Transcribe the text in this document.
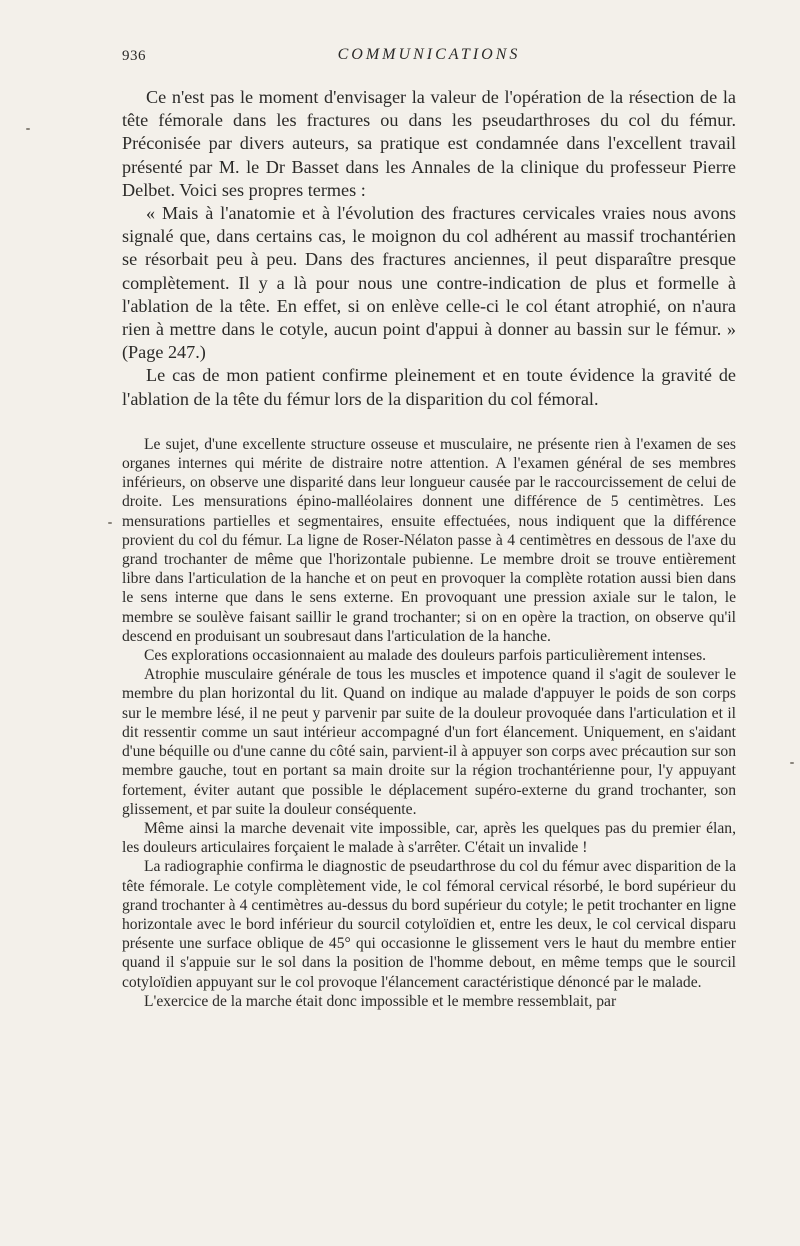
936	COMMUNICATIONS

Ce n'est pas le moment d'envisager la valeur de l'opération de la résection de la tête fémorale dans les fractures ou dans les pseudarthroses du col du fémur. Préconisée par divers auteurs, sa pratique est condamnée dans l'excellent travail présenté par M. le Dr Basset dans les Annales de la clinique du professeur Pierre Delbet. Voici ses propres termes :

« Mais à l'anatomie et à l'évolution des fractures cervicales vraies nous avons signalé que, dans certains cas, le moignon du col adhérent au massif trochantérien se résorbait peu à peu. Dans des fractures anciennes, il peut disparaître presque complètement. Il y a là pour nous une contre-indication de plus et formelle à l'ablation de la tête. En effet, si on enlève celle-ci le col étant atrophié, on n'aura rien à mettre dans le cotyle, aucun point d'appui à donner au bassin sur le fémur. » (Page 247.)

Le cas de mon patient confirme pleinement et en toute évidence la gravité de l'ablation de la tête du fémur lors de la disparition du col fémoral.

Le sujet, d'une excellente structure osseuse et musculaire, ne présente rien à l'examen de ses organes internes qui mérite de distraire notre attention. A l'examen général de ses membres inférieurs, on observe une disparité dans leur longueur causée par le raccourcissement de celui de droite. Les mensurations épino-malléolaires donnent une différence de 5 centimètres. Les mensurations partielles et segmentaires, ensuite effectuées, nous indiquent que la différence provient du col du fémur. La ligne de Roser-Nélaton passe à 4 centimètres en dessous de l'axe du grand trochanter de même que l'horizontale pubienne. Le membre droit se trouve entièrement libre dans l'articulation de la hanche et on peut en provoquer la complète rotation aussi bien dans le sens interne que dans le sens externe. En provoquant une pression axiale sur le talon, le membre se soulève faisant saillir le grand trochanter; si on en opère la traction, on observe qu'il descend en produisant un soubresaut dans l'articulation de la hanche.

Ces explorations occasionnaient au malade des douleurs parfois particulièrement intenses.

Atrophie musculaire générale de tous les muscles et impotence quand il s'agit de soulever le membre du plan horizontal du lit. Quand on indique au malade d'appuyer le poids de son corps sur le membre lésé, il ne peut y parvenir par suite de la douleur provoquée dans l'articulation et il dit ressentir comme un saut intérieur accompagné d'un fort élancement. Uniquement, en s'aidant d'une béquille ou d'une canne du côté sain, parvient-il à appuyer son corps avec précaution sur son membre gauche, tout en portant sa main droite sur la région trochantérienne pour, l'y appuyant fortement, éviter autant que possible le déplacement supéro-externe du grand trochanter, son glissement, et par suite la douleur conséquente.

Même ainsi la marche devenait vite impossible, car, après les quelques pas du premier élan, les douleurs articulaires forçaient le malade à s'arrêter. C'était un invalide !

La radiographie confirma le diagnostic de pseudarthrose du col du fémur avec disparition de la tête fémorale. Le cotyle complètement vide, le col fémoral cervical résorbé, le bord supérieur du grand trochanter à 4 centimètres au-dessus du bord supérieur du cotyle; le petit trochanter en ligne horizontale avec le bord inférieur du sourcil cotyloïdien et, entre les deux, le col cervical disparu présente une surface oblique de 45° qui occasionne le glissement vers le haut du membre entier quand il s'appuie sur le sol dans la position de l'homme debout, en même temps que le sourcil cotyloïdien appuyant sur le col provoque l'élancement caractéristique dénoncé par le malade.

L'exercice de la marche était donc impossible et le membre ressemblait, par
